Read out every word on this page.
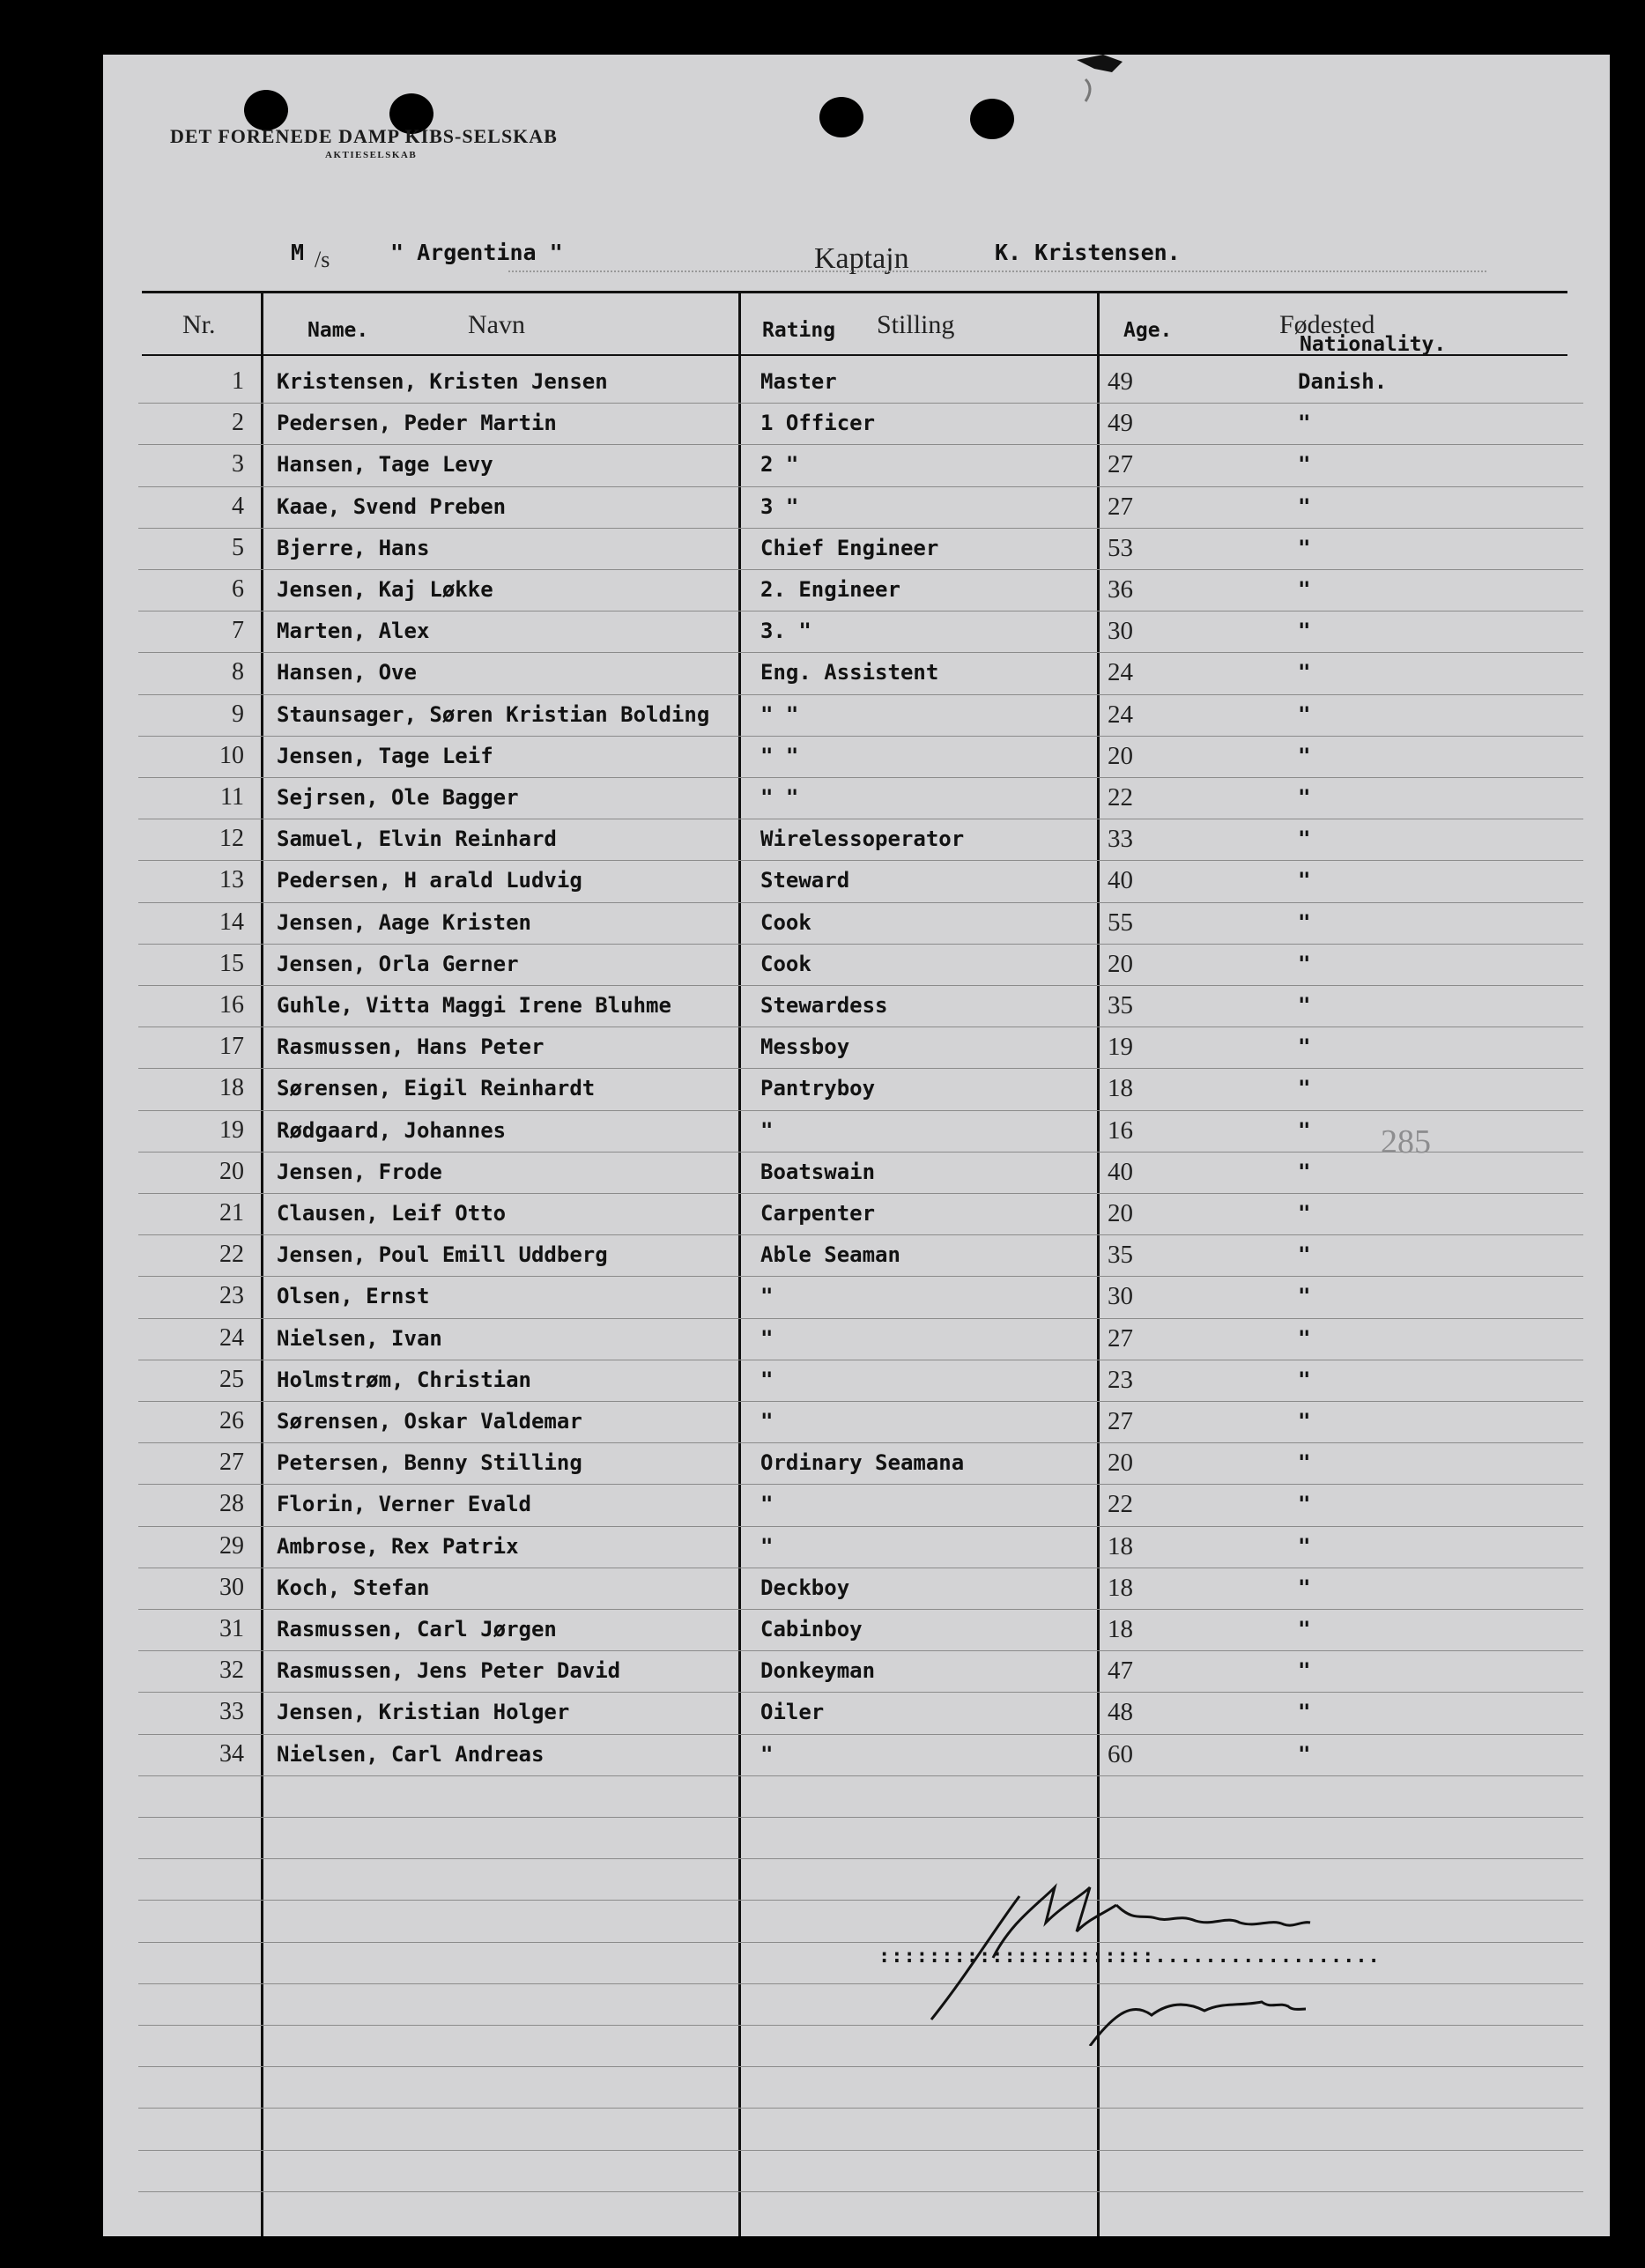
DET FORENEDE DAMP KIBS-SELSKAB
AKTIESELSKAB
M /s	" Argentina "	Kaptajn	K. Kristensen.
Nr.	Name.	Navn	Rating Stilling	Age.	Fødested
Nationality.
1 Kristensen, Kristen Jensen	Master	49	Danish.
2 Pedersen, Peder Martin	1 Officer	49	"
3 Hansen, Tage Levy	2 "	27	"
4 Kaae, Svend Preben	3 "	27	"
5 Bjerre, Hans	Chief Engineer	53	"
6 Jensen, Kaj Løkke	2. Engineer	36	"
7 Marten, Alex	3. "	30	"
8 Hansen, Ove	Eng. Assistent	24	"
9 Staunsager, Søren Kristian Bolding	" "	24	"
10 Jensen, Tage Leif	" "	20	"
11 Sejrsen, Ole Bagger	" "	22	"
12 Samuel, Elvin Reinhard	Wirelessoperator	33	"
13 Pedersen, H arald Ludvig	Steward	40	"
14 Jensen, Aage Kristen	Cook	55	"
15 Jensen, Orla Gerner	Cook	20	"
16 Guhle, Vitta Maggi Irene Bluhme	Stewardess	35	"
17 Rasmussen, Hans Peter	Messboy	19	"
18 Sørensen, Eigil Reinhardt	Pantryboy	18	"
19 Rødgaard, Johannes	"	16	"
20 Jensen, Frode	Boatswain	40	"
21 Clausen, Leif Otto	Carpenter	20	"
22 Jensen, Poul Emill Uddberg	Able Seaman	35	"
23 Olsen, Ernst	"	30	"
24 Nielsen, Ivan	"	27	"
25 Holmstrøm, Christian	"	23	"
26 Sørensen, Oskar Valdemar	"	27	"
27 Petersen, Benny Stilling	Ordinary Seamana	20	"
28 Florin, Verner Evald	"	22	"
29 Ambrose, Rex Patrix	"	18	"
30 Koch, Stefan	Deckboy	18	"
31 Rasmussen, Carl Jørgen	Cabinboy	18	"
32 Rasmussen, Jens Peter David	Donkeyman	47	"
33 Jensen, Kristian Holger	Oiler	48	"
34 Nielsen, Carl Andreas	"	60	"
285
::::::::::::::::::::::..................
